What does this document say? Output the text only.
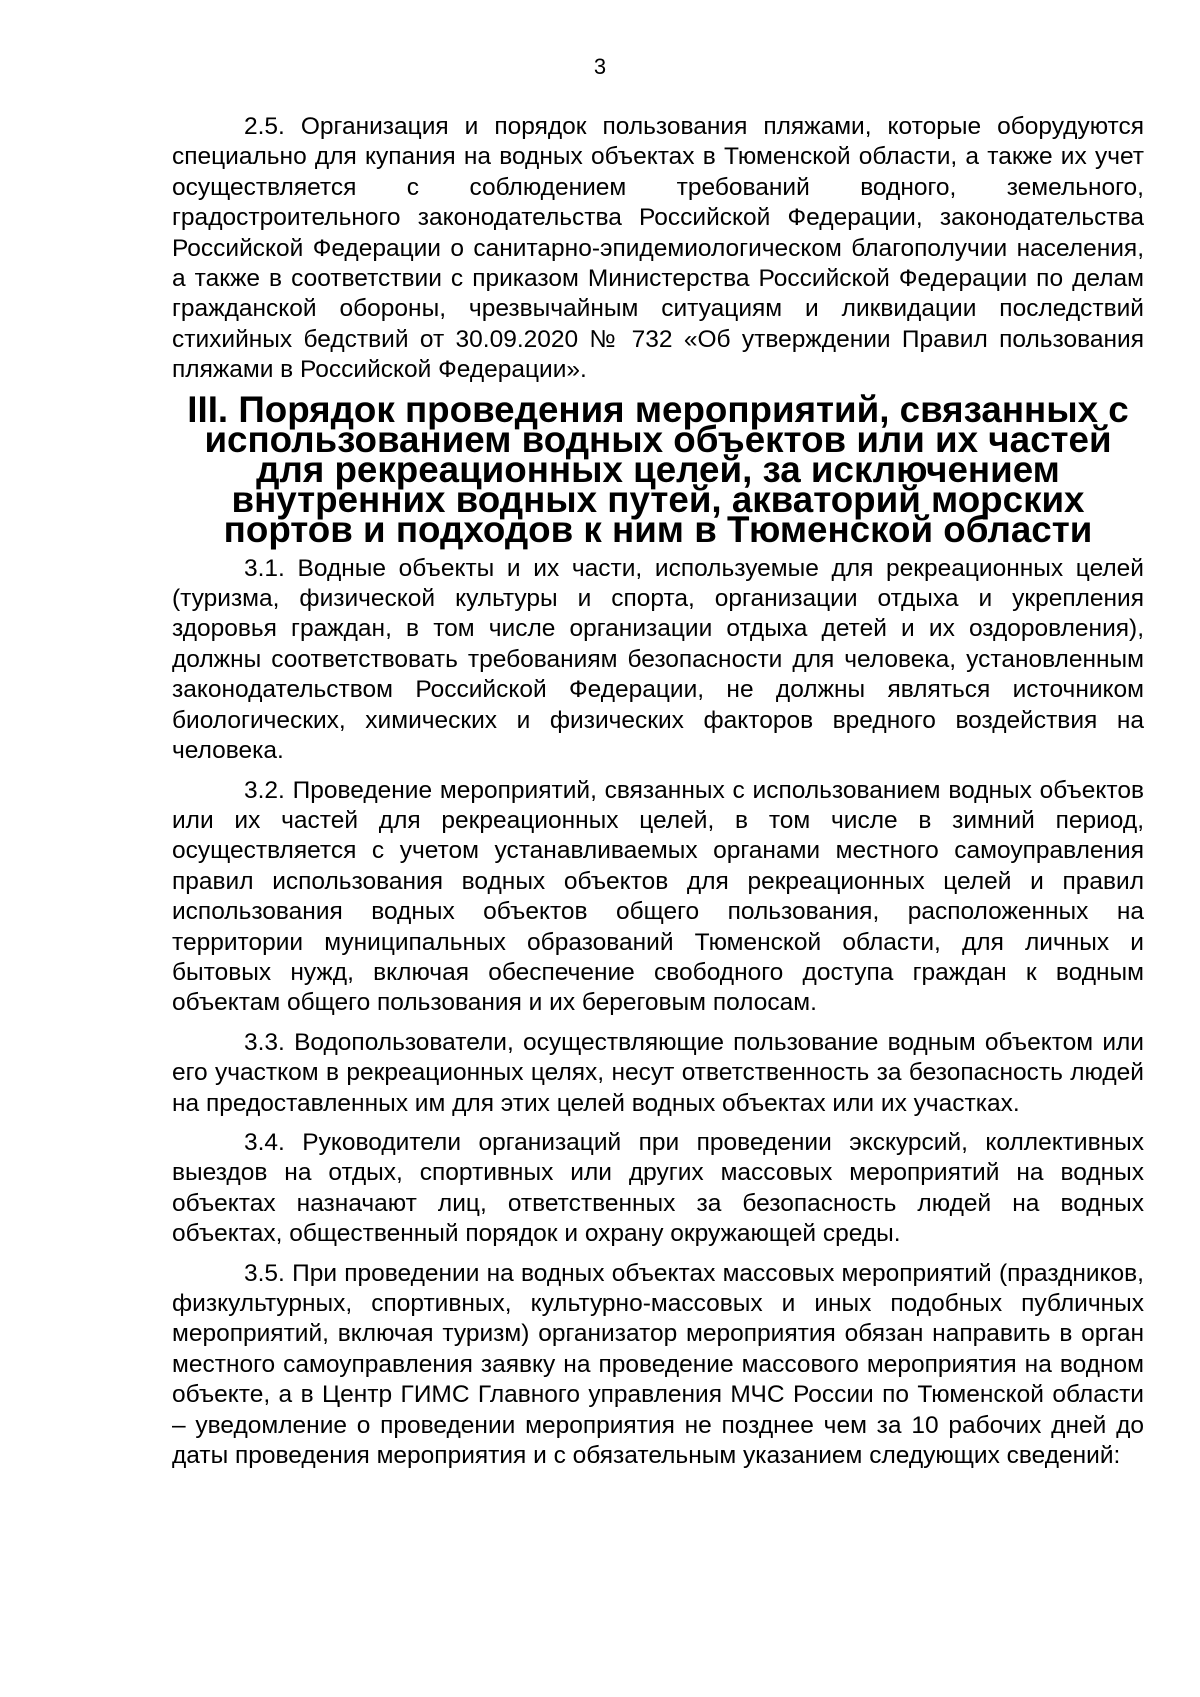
3

2.5. Организация и порядок пользования пляжами, которые оборудуются специально для купания на водных объектах в Тюменской области, а также их учет осуществляется с соблюдением требований водного, земельного, градостроительного законодательства Российской Федерации, законодательства Российской Федерации о санитарно-эпидемиологическом благополучии населения, а также в соответствии с приказом Министерства Российской Федерации по делам гражданской обороны, чрезвычайным ситуациям и ликвидации последствий стихийных бедствий от 30.09.2020 № 732 «Об утверждении Правил пользования пляжами в Российской Федерации».

III. Порядок проведения мероприятий, связанных с использованием водных объектов или их частей для рекреационных целей, за исключением внутренних водных путей, акваторий морских портов и подходов к ним в Тюменской области

3.1. Водные объекты и их части, используемые для рекреационных целей (туризма, физической культуры и спорта, организации отдыха и укрепления здоровья граждан, в том числе организации отдыха детей и их оздоровления), должны соответствовать требованиям безопасности для человека, установленным законодательством Российской Федерации, не должны являться источником биологических, химических и физических факторов вредного воздействия на человека.

3.2. Проведение мероприятий, связанных с использованием водных объектов или их частей для рекреационных целей, в том числе в зимний период, осуществляется с учетом устанавливаемых органами местного самоуправления правил использования водных объектов для рекреационных целей и правил использования водных объектов общего пользования, расположенных на территории муниципальных образований Тюменской области, для личных и бытовых нужд, включая обеспечение свободного доступа граждан к водным объектам общего пользования и их береговым полосам.

3.3. Водопользователи, осуществляющие пользование водным объектом или его участком в рекреационных целях, несут ответственность за безопасность людей на предоставленных им для этих целей водных объектах или их участках.

3.4. Руководители организаций при проведении экскурсий, коллективных выездов на отдых, спортивных или других массовых мероприятий на водных объектах назначают лиц, ответственных за безопасность людей на водных объектах, общественный порядок и охрану окружающей среды.

3.5. При проведении на водных объектах массовых мероприятий (праздников, физкультурных, спортивных, культурно-массовых и иных подобных публичных мероприятий, включая туризм) организатор мероприятия обязан направить в орган местного самоуправления заявку на проведение массового мероприятия на водном объекте, а в Центр ГИМС Главного управления МЧС России по Тюменской области – уведомление о проведении мероприятия не позднее чем за 10 рабочих дней до даты проведения мероприятия и с обязательным указанием следующих сведений:
